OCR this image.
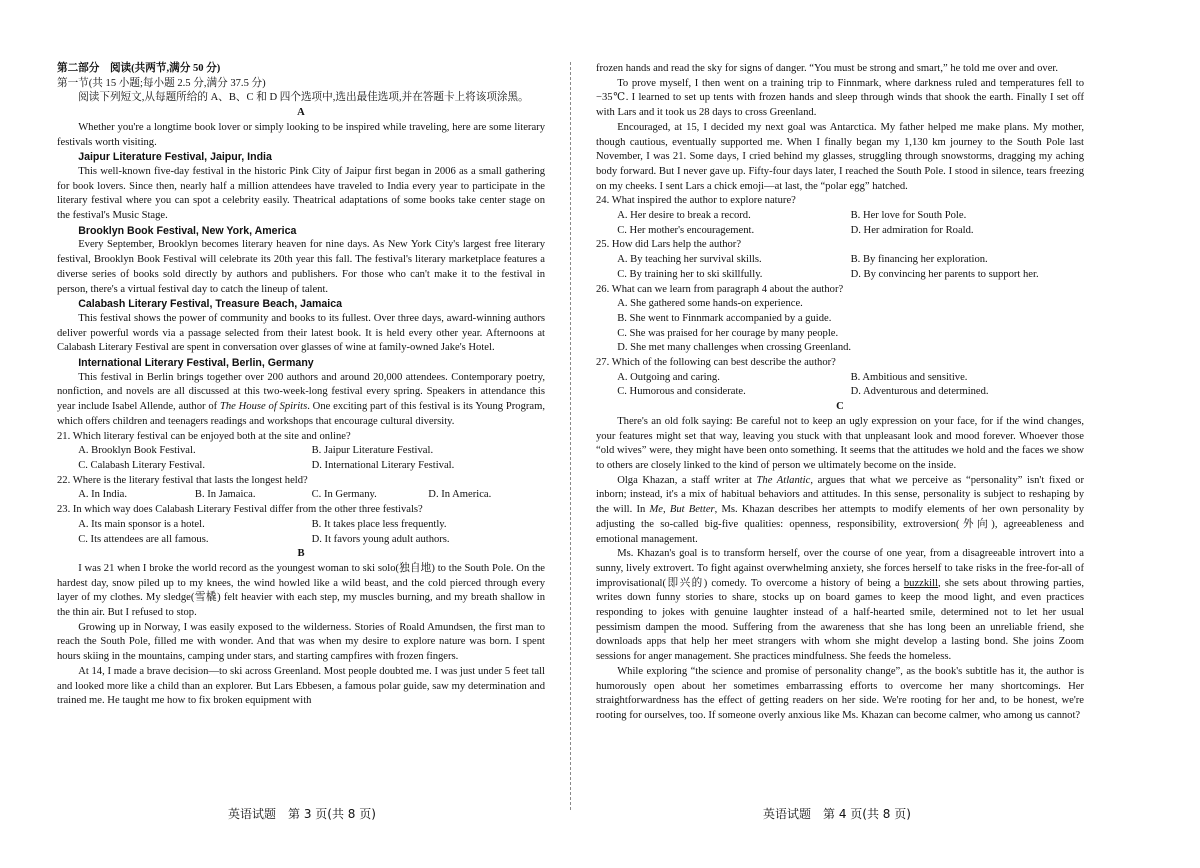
第二部分　阅读(共两节,满分 50 分)

第一节(共 15 小题;每小题 2.5 分,满分 37.5 分)

阅读下列短文,从每题所给的 A、B、C 和 D 四个选项中,选出最佳选项,并在答题卡上将该项涂黑。

A

Whether you're a longtime book lover or simply looking to be inspired while traveling, here are some literary festivals worth visiting.

Jaipur Literature Festival, Jaipur, India

This well-known five-day festival in the historic Pink City of Jaipur first began in 2006 as a small gathering for book lovers. Since then, nearly half a million attendees have traveled to India every year to participate in the literary festival where you can spot a celebrity easily. Theatrical adaptations of some books take center stage on the festival's Music Stage.

Brooklyn Book Festival, New York, America

Every September, Brooklyn becomes literary heaven for nine days. As New York City's largest free literary festival, Brooklyn Book Festival will celebrate its 20th year this fall. The festival's literary marketplace features a diverse series of books sold directly by authors and publishers. For those who can't make it to the festival in person, there's a virtual festival day to catch the lineup of talent.

Calabash Literary Festival, Treasure Beach, Jamaica

This festival shows the power of community and books to its fullest. Over three days, award-winning authors deliver powerful words via a passage selected from their latest book. It is held every other year. Afternoons at Calabash Literary Festival are spent in conversation over glasses of wine at family-owned Jake's Hotel.

International Literary Festival, Berlin, Germany

This festival in Berlin brings together over 200 authors and around 20,000 attendees. Contemporary poetry, nonfiction, and novels are all discussed at this two-week-long festival every spring. Speakers in attendance this year include Isabel Allende, author of The House of Spirits. One exciting part of this festival is its Young Program, which offers children and teenagers readings and workshops that encourage cultural diversity.

21. Which literary festival can be enjoyed both at the site and online?

A. Brooklyn Book Festival.	B. Jaipur Literature Festival.
C. Calabash Literary Festival.	D. International Literary Festival.

22. Where is the literary festival that lasts the longest held?

A. In India.	B. In Jamaica.	C. In Germany.	D. In America.

23. In which way does Calabash Literary Festival differ from the other three festivals?

A. Its main sponsor is a hotel.	B. It takes place less frequently.
C. Its attendees are all famous.	D. It favors young adult authors.

B

I was 21 when I broke the world record as the youngest woman to ski solo(独自地) to the South Pole. On the hardest day, snow piled up to my knees, the wind howled like a wild beast, and the cold pierced through every layer of my clothes. My sledge(雪橇) felt heavier with each step, my muscles burning, and my breath shallow in the thin air. But I refused to stop.

Growing up in Norway, I was easily exposed to the wilderness. Stories of Roald Amundsen, the first man to reach the South Pole, filled me with wonder. And that was when my desire to explore nature was born. I spent hours skiing in the mountains, camping under stars, and starting campfires with frozen fingers.

At 14, I made a brave decision—to ski across Greenland. Most people doubted me. I was just under 5 feet tall and looked more like a child than an explorer. But Lars Ebbesen, a famous polar guide, saw my determination and trained me. He taught me how to fix broken equipment with

英语试题　第 3 页(共 8 页)

frozen hands and read the sky for signs of danger. “You must be strong and smart,” he told me over and over.

To prove myself, I then went on a training trip to Finnmark, where darkness ruled and temperatures fell to −35℃. I learned to set up tents with frozen hands and sleep through winds that shook the earth. Finally I set off with Lars and it took us 28 days to cross Greenland.

Encouraged, at 15, I decided my next goal was Antarctica. My father helped me make plans. My mother, though cautious, eventually supported me. When I finally began my 1,130 km journey to the South Pole last November, I was 21. Some days, I cried behind my glasses, struggling through snowstorms, dragging my aching body forward. But I never gave up. Fifty-four days later, I reached the South Pole. I stood in silence, tears freezing on my cheeks. I sent Lars a chick emoji—at last, the “polar egg” hatched.

24. What inspired the author to explore nature?

A. Her desire to break a record.	B. Her love for South Pole.
C. Her mother's encouragement.	D. Her admiration for Roald.

25. How did Lars help the author?

A. By teaching her survival skills.	B. By financing her exploration.
C. By training her to ski skillfully.	D. By convincing her parents to support her.

26. What can we learn from paragraph 4 about the author?

A. She gathered some hands-on experience.
B. She went to Finnmark accompanied by a guide.
C. She was praised for her courage by many people.
D. She met many challenges when crossing Greenland.

27. Which of the following can best describe the author?

A. Outgoing and caring.	B. Ambitious and sensitive.
C. Humorous and considerate.	D. Adventurous and determined.

C

There's an old folk saying: Be careful not to keep an ugly expression on your face, for if the wind changes, your features might set that way, leaving you stuck with that unpleasant look and mood forever. Whoever those “old wives” were, they might have been onto something. It seems that the attitudes we hold and the faces we show to others are closely linked to the kind of person we ultimately become on the inside.

Olga Khazan, a staff writer at The Atlantic, argues that what we perceive as “personality” isn't fixed or inborn; instead, it's a mix of habitual behaviors and attitudes. In this sense, personality is subject to reshaping by the will. In Me, But Better, Ms. Khazan describes her attempts to modify elements of her own personality by adjusting the so-called big-five qualities: openness, responsibility, extroversion(外向), agreeableness and emotional management.

Ms. Khazan's goal is to transform herself, over the course of one year, from a disagreeable introvert into a sunny, lively extrovert. To fight against overwhelming anxiety, she forces herself to take risks in the free-for-all of improvisational(即兴的) comedy. To overcome a history of being a buzzkill, she sets about throwing parties, writes down funny stories to share, stocks up on board games to keep the mood light, and even practices responding to jokes with genuine laughter instead of a half-hearted smile, determined not to let her usual pessimism dampen the mood. Suffering from the awareness that she has long been an unreliable friend, she downloads apps that help her meet strangers with whom she might develop a lasting bond. She joins Zoom sessions for anger management. She practices mindfulness. She feeds the homeless.

While exploring “the science and promise of personality change”, as the book's subtitle has it, the author is humorously open about her sometimes embarrassing efforts to overcome her many shortcomings. Her straightforwardness has the effect of getting readers on her side. We're rooting for her and, to be honest, we're rooting for ourselves, too. If someone overly anxious like Ms. Khazan can become calmer, who among us cannot?

英语试题　第 4 页(共 8 页)
